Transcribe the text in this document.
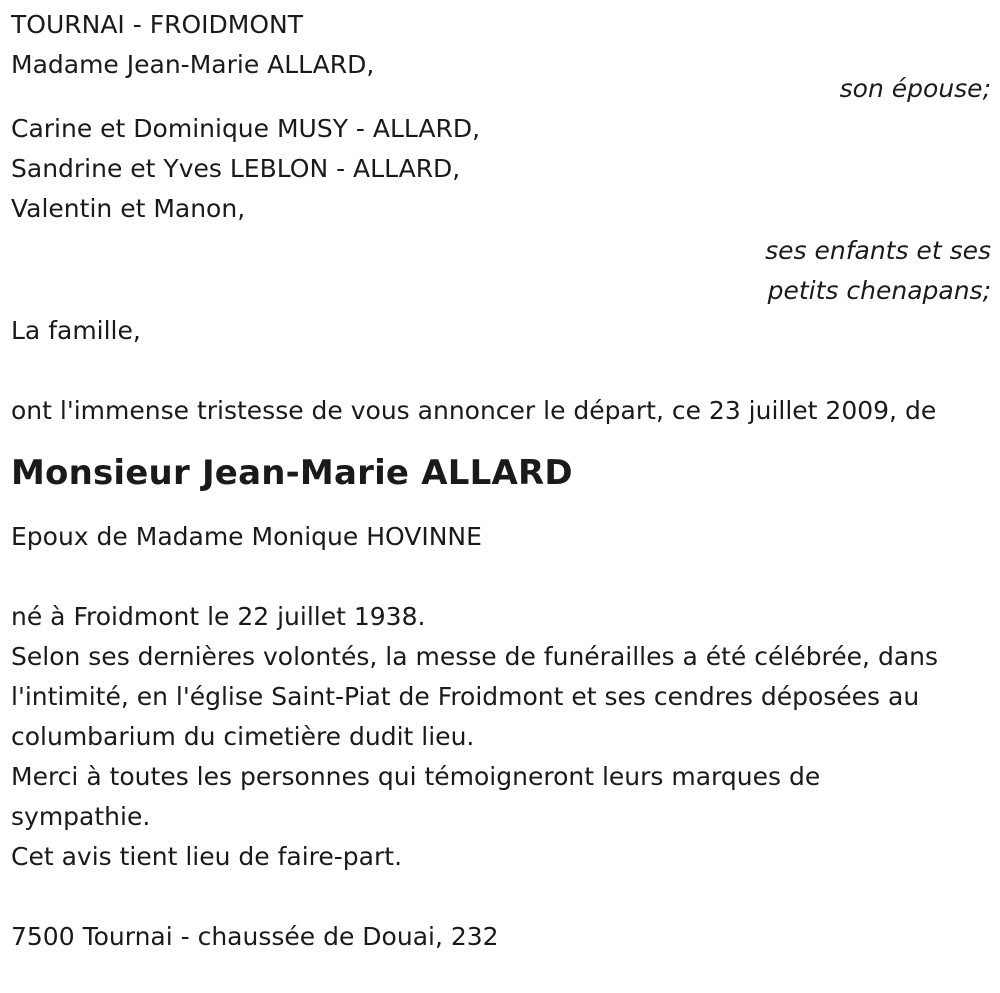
TOURNAI - FROIDMONT
Madame Jean-Marie ALLARD,
son épouse;
Carine et Dominique MUSY - ALLARD,
Sandrine et Yves LEBLON - ALLARD,
Valentin et Manon,
ses enfants et ses
petits chenapans;
La famille,
ont l'immense tristesse de vous annoncer le départ, ce 23 juillet 2009, de
Monsieur Jean-Marie ALLARD
Epoux de Madame Monique HOVINNE
né à Froidmont le 22 juillet 1938.
Selon ses dernières volontés, la messe de funérailles a été célébrée, dans
l'intimité, en l'église Saint-Piat de Froidmont et ses cendres déposées au
columbarium du cimetière dudit lieu.
Merci à toutes les personnes qui témoigneront leurs marques de
sympathie.
Cet avis tient lieu de faire-part.
7500 Tournai - chaussée de Douai, 232
